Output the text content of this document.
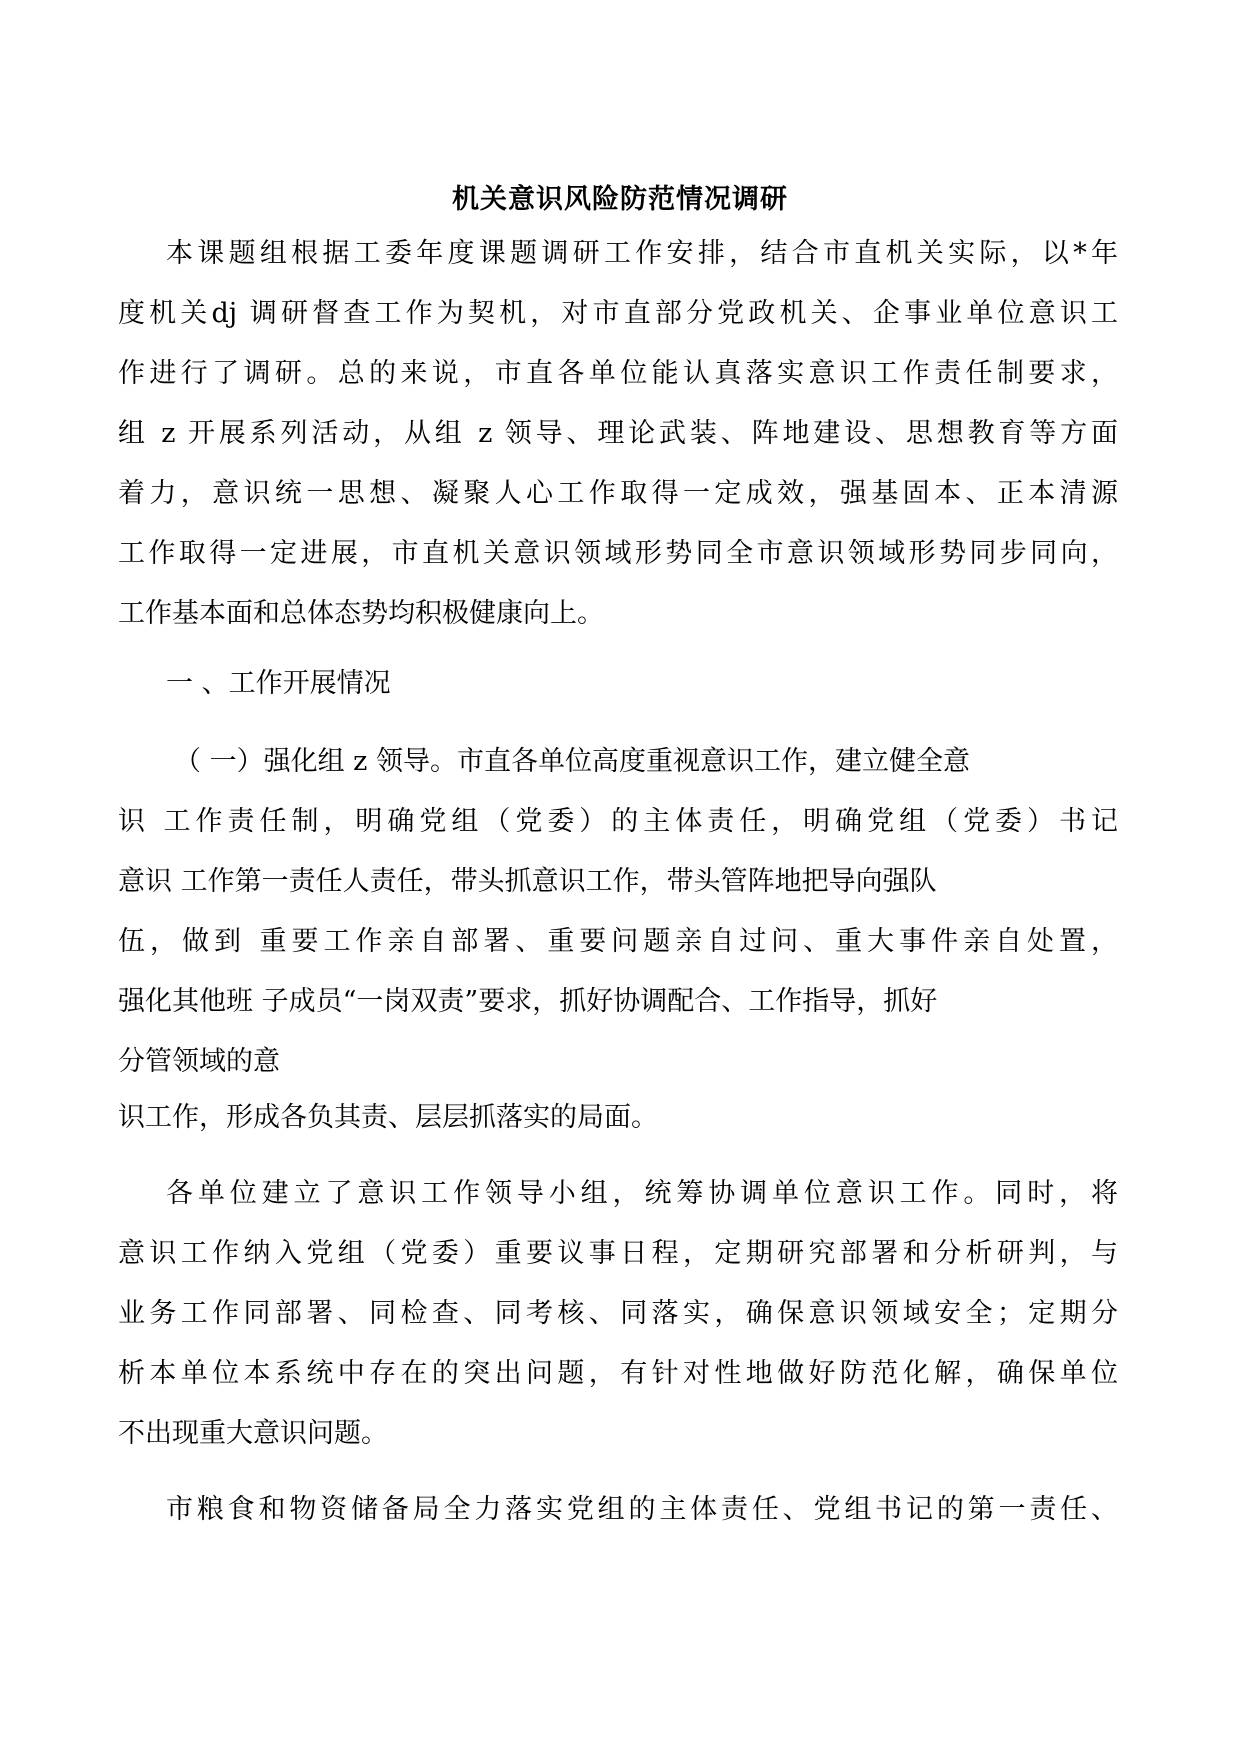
机关意识风险防范情况调研
本课题组根据工委年度课题调研工作安排，结合市直机关实际，以*年
度机关dj 调研督查工作为契机，对市直部分党政机关、企事业单位意识工
作进行了调研。总的来说，市直各单位能认真落实意识工作责任制要求，
组 z 开展系列活动，从组 z 领导、理论武装、阵地建设、思想教育等方面
着力，意识统一思想、凝聚人心工作取得一定成效，强基固本、正本清源
工作取得一定进展，市直机关意识领域形势同全市意识领域形势同步同向，
工作基本面和总体态势均积极健康向上。
一 、工作开展情况
（ 一）强化组 z 领导。市直各单位高度重视意识工作，建立健全意
识 工作责任制，明确党组（党委）的主体责任，明确党组（党委）书记
意识 工作第一责任人责任，带头抓意识工作，带头管阵地把导向强队
伍，做到 重要工作亲自部署、重要问题亲自过问、重大事件亲自处置，
强化其他班 子成员“一岗双责”要求，抓好协调配合、工作指导，抓好
分管领域的意
识工作，形成各负其责、层层抓落实的局面。
各单位建立了意识工作领导小组，统筹协调单位意识工作。同时，将
意识工作纳入党组（党委）重要议事日程，定期研究部署和分析研判，与
业务工作同部署、同检查、同考核、同落实，确保意识领域安全；定期分
析本单位本系统中存在的突出问题，有针对性地做好防范化解，确保单位
不出现重大意识问题。
市粮食和物资储备局全力落实党组的主体责任、党组书记的第一责任、
